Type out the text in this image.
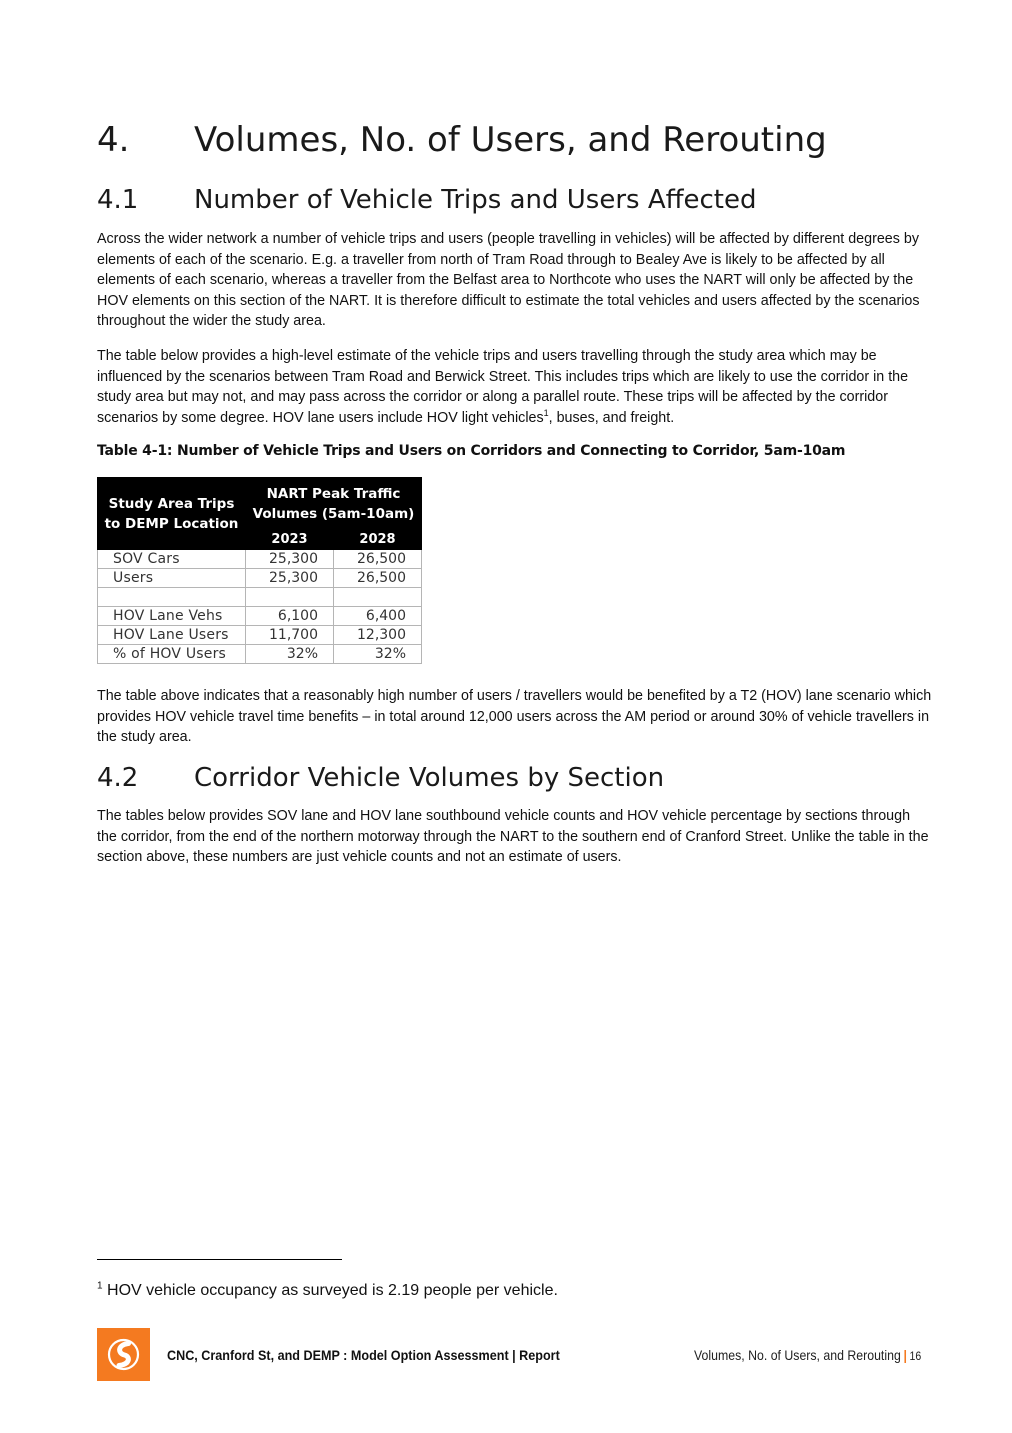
4. Volumes, No. of Users, and Rerouting
4.1 Number of Vehicle Trips and Users Affected

Across the wider network a number of vehicle trips and users (people travelling in vehicles) will be affected by different degrees by elements of each of the scenario. E.g. a traveller from north of Tram Road through to Bealey Ave is likely to be affected by all elements of each scenario, whereas a traveller from the Belfast area to Northcote who uses the NART will only be affected by the HOV elements on this section of the NART. It is therefore difficult to estimate the total vehicles and users affected by the scenarios throughout the wider the study area.

The table below provides a high-level estimate of the vehicle trips and users travelling through the study area which may be influenced by the scenarios between Tram Road and Berwick Street. This includes trips which are likely to use the corridor in the study area but may not, and may pass across the corridor or along a parallel route. These trips will be affected by the corridor scenarios by some degree. HOV lane users include HOV light vehicles$^1$, buses, and freight.

Table 4-1: Number of Vehicle Trips and Users on Corridors and Connecting to Corridor, 5am-10am

Study Area Trips to DEMP Location	NART Peak Traffic Volumes (5am-10am)	
	2023	2028
SOV Cars	25,300	26,500
Users	25,300	26,500

HOV Lane Vehs	6,100	6,400
HOV Lane Users	11,700	12,300
% of HOV Users	32%	32%

The table above indicates that a reasonably high number of users / travellers would be benefited by a T2 (HOV) lane scenario which provides HOV vehicle travel time benefits – in total around 12,000 users across the AM period or around 30% of vehicle travellers in the study area.

4.2 Corridor Vehicle Volumes by Section

The tables below provides SOV lane and HOV lane southbound vehicle counts and HOV vehicle percentage by sections through the corridor, from the end of the northern motorway through the NART to the southern end of Cranford Street. Unlike the table in the section above, these numbers are just vehicle counts and not an estimate of users.

$^1$ HOV vehicle occupancy as surveyed is 2.19 people per vehicle.

CNC, Cranford St, and DEMP : Model Option Assessment | Report	Volumes, No. of Users, and Rerouting | 16
